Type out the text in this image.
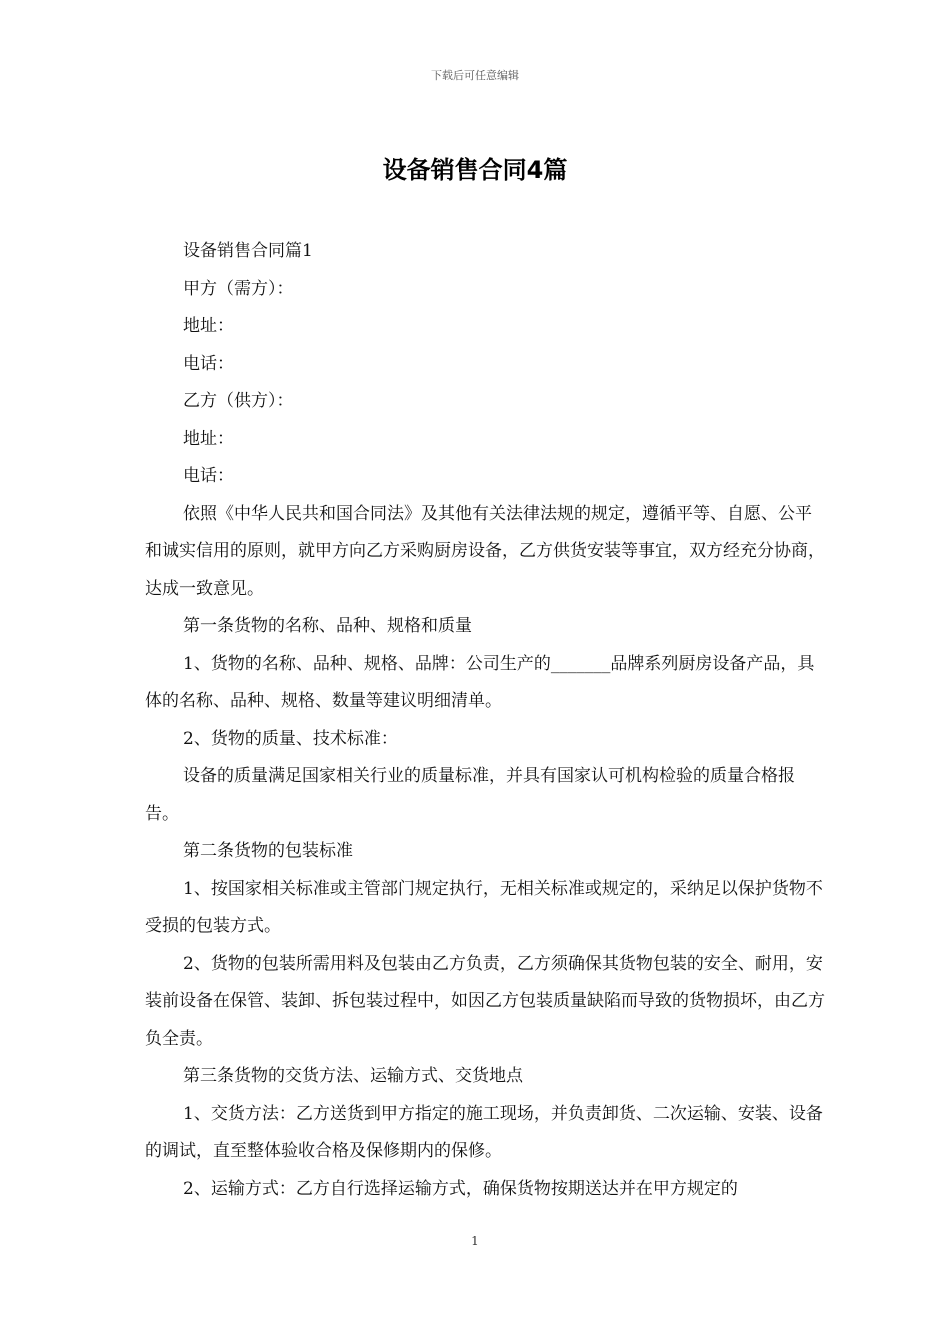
下载后可任意编辑
设备销售合同4篇

设备销售合同篇1

甲方（需方）：

地址：

电话：

乙方（供方）：

地址：

电话：

依照《中华人民共和国合同法》及其他有关法律法规的规定，遵循平等、自愿、公平和诚实信用的原则，就甲方向乙方采购厨房设备，乙方供货安装等事宜，双方经充分协商，达成一致意见。

第一条货物的名称、品种、规格和质量

1、货物的名称、品种、规格、品牌：公司生产的_______品牌系列厨房设备产品，具体的名称、品种、规格、数量等建议明细清单。

2、货物的质量、技术标准：

设备的质量满足国家相关行业的质量标准，并具有国家认可机构检验的质量合格报告。

第二条货物的包装标准

1、按国家相关标准或主管部门规定执行，无相关标准或规定的，采纳足以保护货物不受损的包装方式。

2、货物的包装所需用料及包装由乙方负责，乙方须确保其货物包装的安全、耐用，安装前设备在保管、装卸、拆包装过程中，如因乙方包装质量缺陷而导致的货物损坏，由乙方负全责。

第三条货物的交货方法、运输方式、交货地点

1、交货方法：乙方送货到甲方指定的施工现场，并负责卸货、二次运输、安装、设备的调试，直至整体验收合格及保修期内的保修。

2、运输方式：乙方自行选择运输方式，确保货物按期送达并在甲方规定的

1
